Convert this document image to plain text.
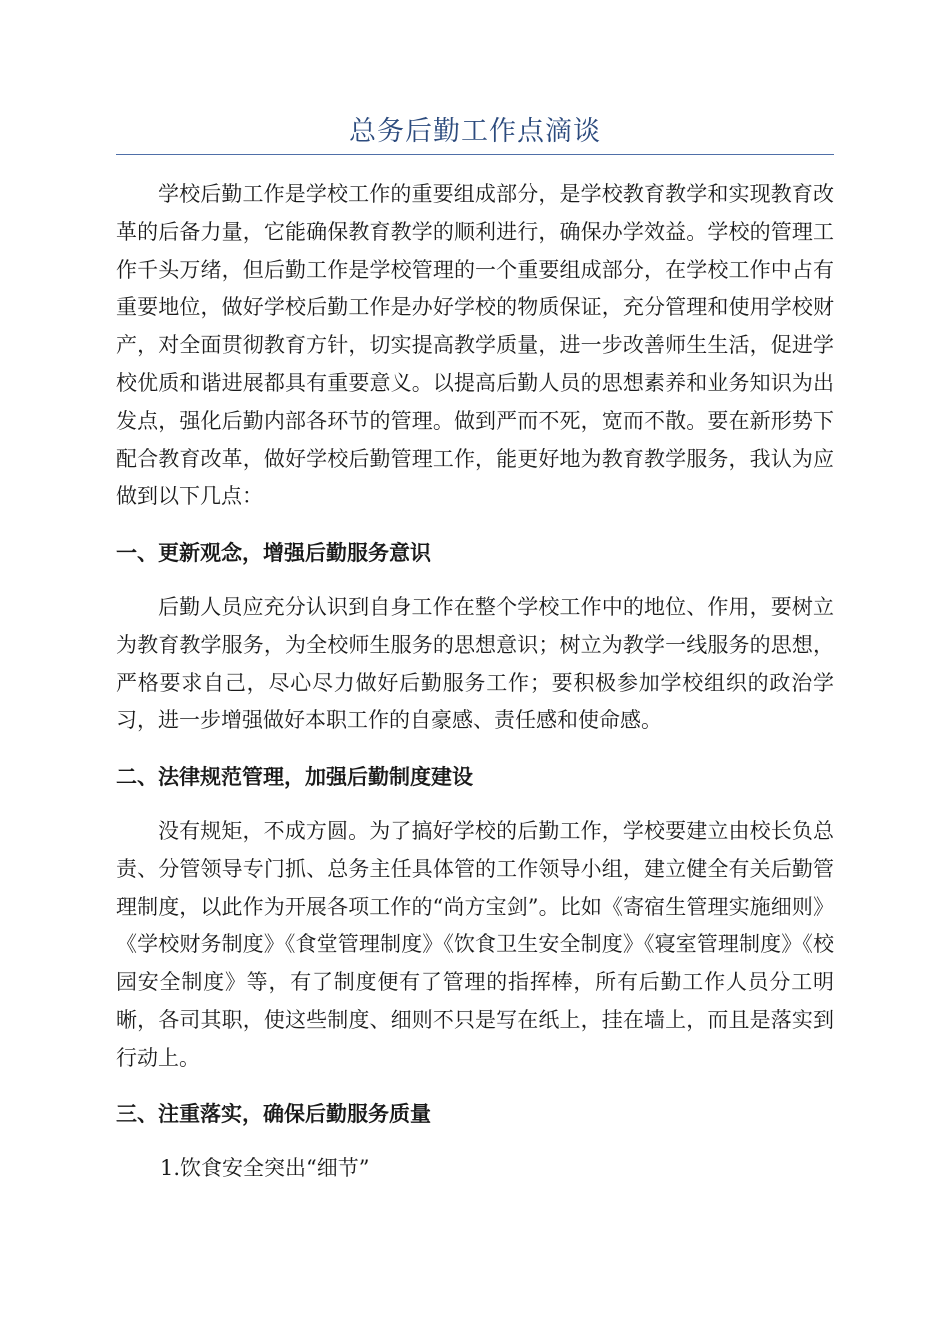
总务后勤工作点滴谈

学校后勤工作是学校工作的重要组成部分，是学校教育教学和实现教育改革的后备力量，它能确保教育教学的顺利进行，确保办学效益。学校的管理工作千头万绪，但后勤工作是学校管理的一个重要组成部分，在学校工作中占有重要地位，做好学校后勤工作是办好学校的物质保证，充分管理和使用学校财产，对全面贯彻教育方针，切实提高教学质量，进一步改善师生生活，促进学校优质和谐进展都具有重要意义。以提高后勤人员的思想素养和业务知识为出发点，强化后勤内部各环节的管理。做到严而不死，宽而不散。要在新形势下配合教育改革，做好学校后勤管理工作，能更好地为教育教学服务，我认为应做到以下几点：

一、更新观念，增强后勤服务意识

后勤人员应充分认识到自身工作在整个学校工作中的地位、作用，要树立为教育教学服务，为全校师生服务的思想意识；树立为教学一线服务的思想，严格要求自己，尽心尽力做好后勤服务工作；要积极参加学校组织的政治学习，进一步增强做好本职工作的自豪感、责任感和使命感。

二、法律规范管理，加强后勤制度建设

没有规矩，不成方圆。为了搞好学校的后勤工作，学校要建立由校长负总责、分管领导专门抓、总务主任具体管的工作领导小组，建立健全有关后勤管理制度，以此作为开展各项工作的“尚方宝剑”。比如《寄宿生管理实施细则》《学校财务制度》《食堂管理制度》《饮食卫生安全制度》《寝室管理制度》《校园安全制度》等，有了制度便有了管理的指挥棒，所有后勤工作人员分工明晰，各司其职，使这些制度、细则不只是写在纸上，挂在墙上，而且是落实到行动上。

三、注重落实，确保后勤服务质量

1.饮食安全突出“细节”
